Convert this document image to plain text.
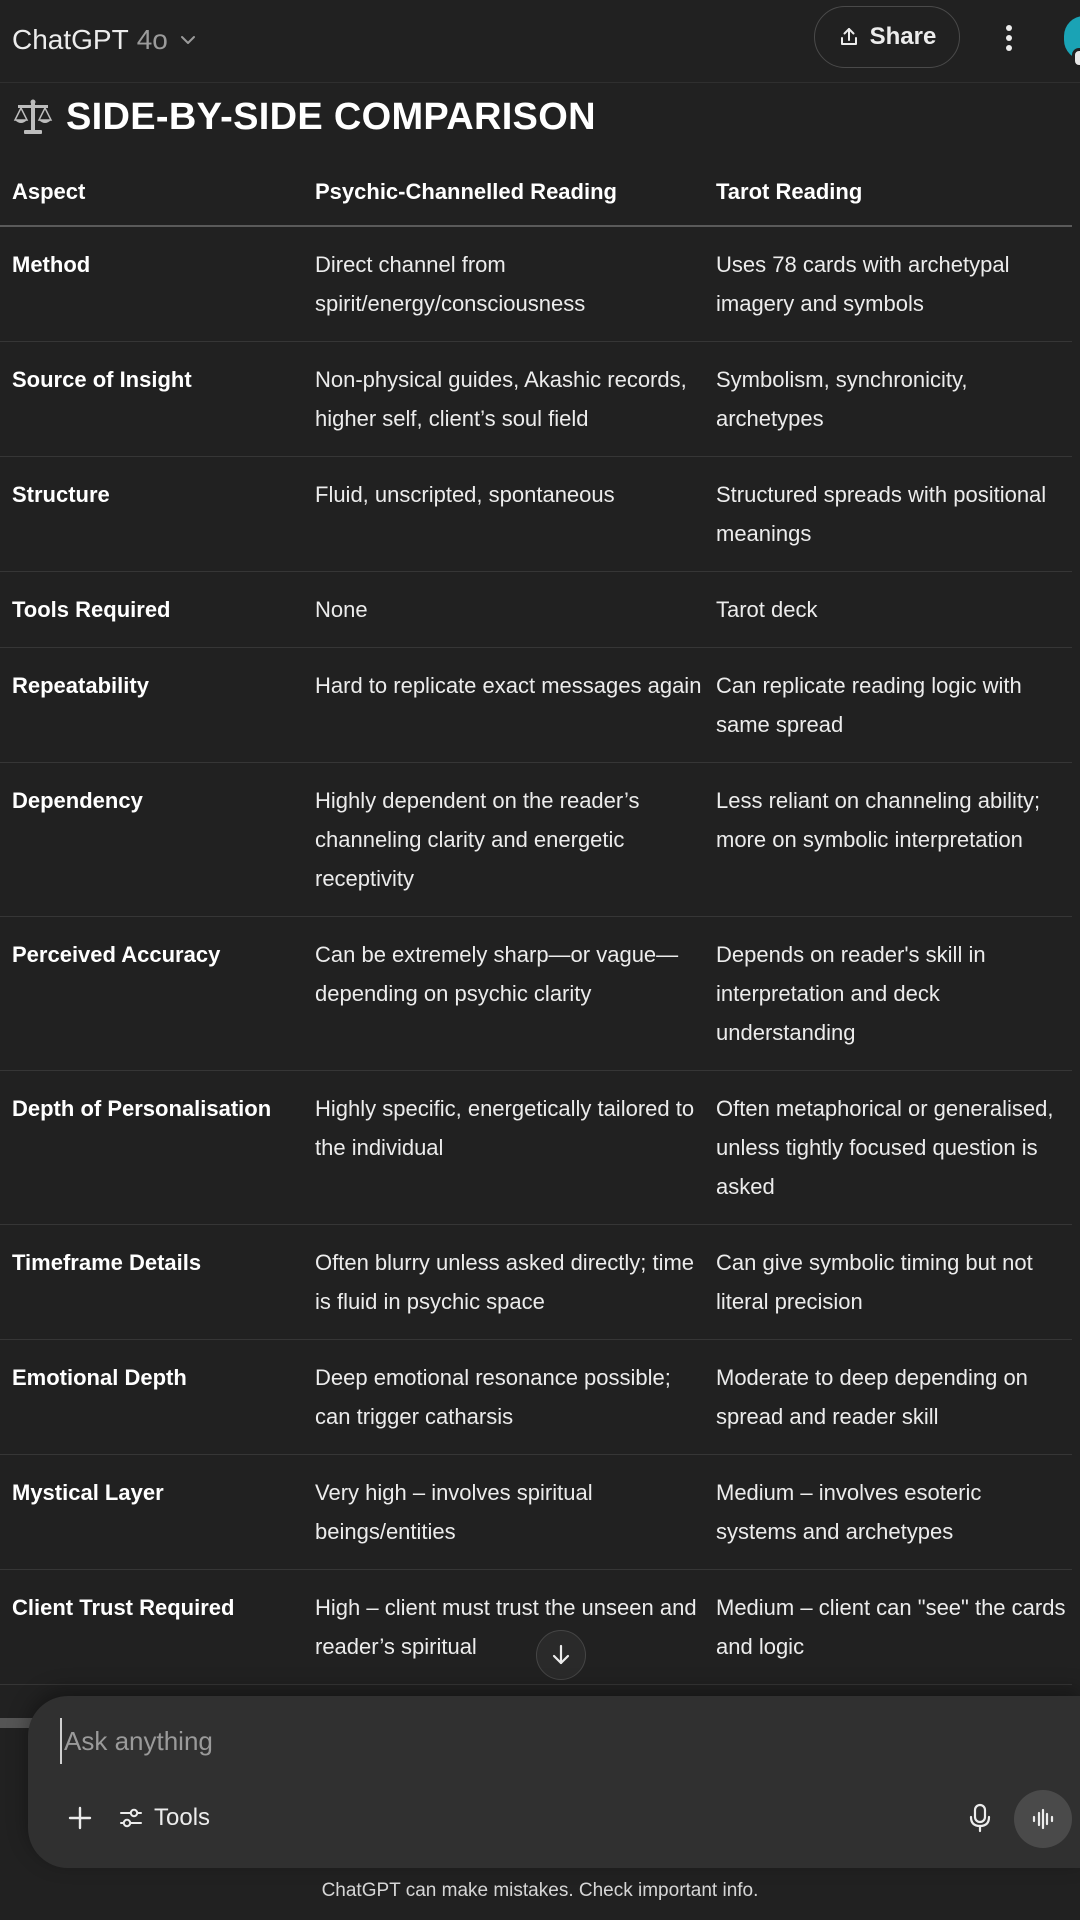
ChatGPT 4o	Share
SIDE-BY-SIDE COMPARISON
Aspect	Psychic-Channelled Reading	Tarot Reading
Method	Direct channel from spirit/energy/consciousness	Uses 78 cards with archetypal imagery and symbols
Source of Insight	Non-physical guides, Akashic records, higher self, client’s soul field	Symbolism, synchronicity, archetypes
Structure	Fluid, unscripted, spontaneous	Structured spreads with positional meanings
Tools Required	None	Tarot deck
Repeatability	Hard to replicate exact messages again	Can replicate reading logic with same spread
Dependency	Highly dependent on the reader’s channeling clarity and energetic receptivity	Less reliant on channeling ability; more on symbolic interpretation
Perceived Accuracy	Can be extremely sharp—or vague—depending on psychic clarity	Depends on reader's skill in interpretation and deck understanding
Depth of Personalisation	Highly specific, energetically tailored to the individual	Often metaphorical or generalised, unless tightly focused question is asked
Timeframe Details	Often blurry unless asked directly; time is fluid in psychic space	Can give symbolic timing but not literal precision
Emotional Depth	Deep emotional resonance possible; can trigger catharsis	Moderate to deep depending on spread and reader skill
Mystical Layer	Very high – involves spiritual beings/entities	Medium – involves esoteric systems and archetypes
Client Trust Required	High – client must trust the unseen and reader’s spiritual	Medium – client can "see" the cards and logic
Ask anything
Tools
ChatGPT can make mistakes. Check important info.
